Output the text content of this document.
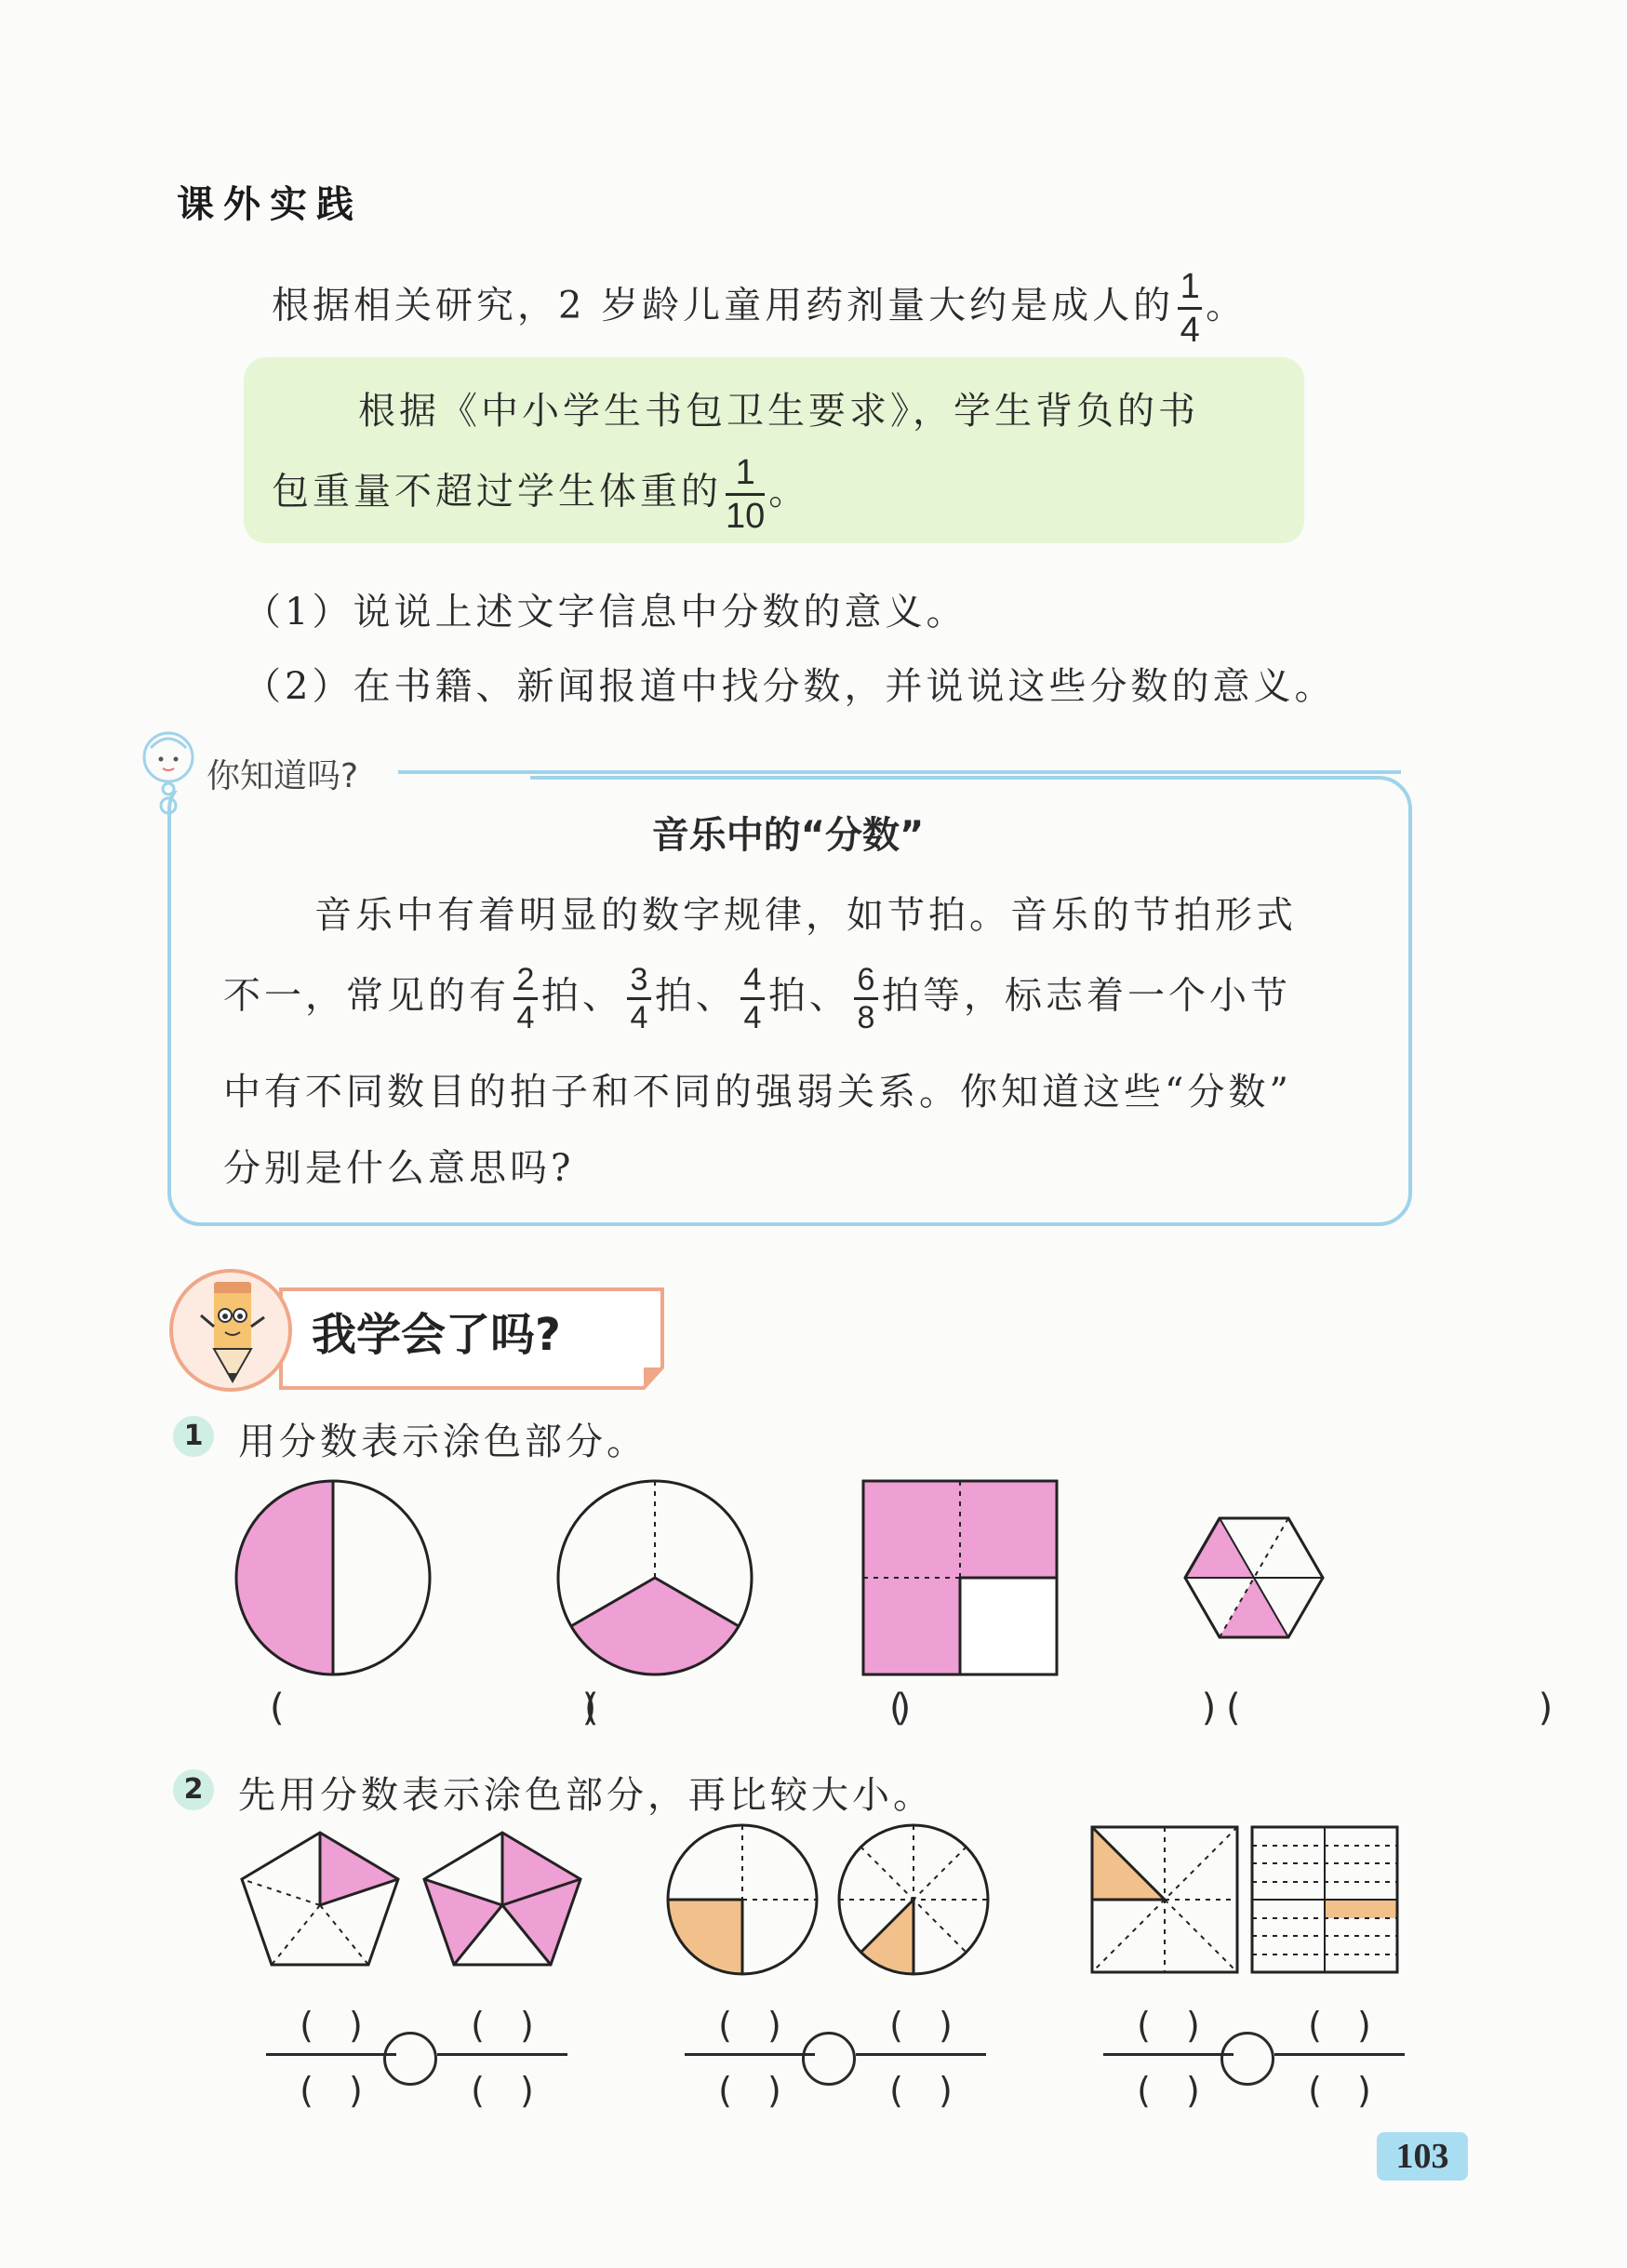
课外实践
根据相关研究，2 岁龄儿童用药剂量大约是成人的 $\frac{1}{4}$ 。
根据《中小学生书包卫生要求》，学生背负的书
包重量不超过学生体重的 $\frac{1}{10}$ 。
（1）说说上述文字信息中分数的意义。
（2）在书籍、新闻报道中找分数，并说说这些分数的意义。
你知道吗?
音乐中的“分数”
音乐中有着明显的数字规律，如节拍。音乐的节拍形式
不一，常见的有 $\frac{2}{4}$ 拍、 $\frac{3}{4}$ 拍、 $\frac{4}{4}$ 拍、 $\frac{6}{8}$ 拍等，标志着一个小节
中有不同数目的拍子和不同的强弱关系。你知道这些“分数”
分别是什么意思吗?
我学会了吗?
1 用分数表示涂色部分。
(　　)
(　　)
(　　)
(　　)
2 先用分数表示涂色部分，再比较大小。
(　)
(　)
(　)
(　)
(　)
(　)
(　)
(　)
(　)
(　)
(　)
(　)
103
